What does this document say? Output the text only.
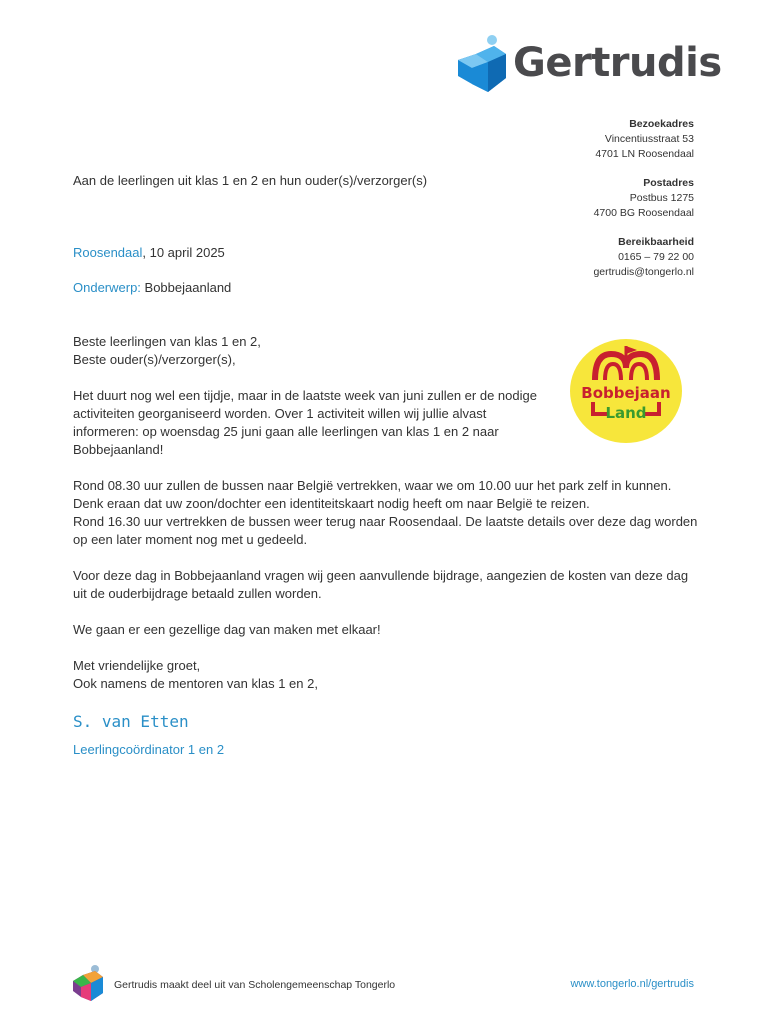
Gertrudis
Bezoekadres
Vincentiusstraat 53
4701 LN Roosendaal
Postadres
Postbus 1275
4700 BG Roosendaal
Bereikbaarheid
0165 – 79 22 00
gertrudis@tongerlo.nl
Aan de leerlingen uit klas 1 en 2 en hun ouder(s)/verzorger(s)
Roosendaal, 10 april 2025
Onderwerp: Bobbejaanland
Beste leerlingen van klas 1 en 2,
Beste ouder(s)/verzorger(s),
Het duurt nog wel een tijdje, maar in de laatste week van juni zullen er de nodige
activiteiten georganiseerd worden. Over 1 activiteit willen wij jullie alvast
informeren: op woensdag 25 juni gaan alle leerlingen van klas 1 en 2 naar
Bobbejaanland!
Bobbejaan
Land
Rond 08.30 uur zullen de bussen naar België vertrekken, waar we om 10.00 uur het park zelf in kunnen.
Denk eraan dat uw zoon/dochter een identiteitskaart nodig heeft om naar België te reizen.
Rond 16.30 uur vertrekken de bussen weer terug naar Roosendaal. De laatste details over deze dag worden
op een later moment nog met u gedeeld.
Voor deze dag in Bobbejaanland vragen wij geen aanvullende bijdrage, aangezien de kosten van deze dag
uit de ouderbijdrage betaald zullen worden.
We gaan er een gezellige dag van maken met elkaar!
Met vriendelijke groet,
Ook namens de mentoren van klas 1 en 2,
S. van Etten
Leerlingcoördinator 1 en 2
Gertrudis maakt deel uit van Scholengemeenschap Tongerlo	www.tongerlo.nl/gertrudis
